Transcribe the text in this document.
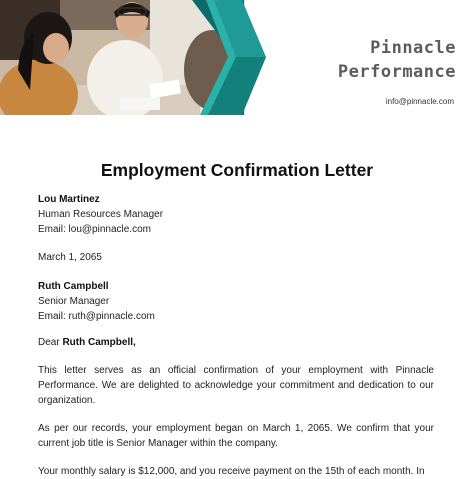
Pinnacle
Performance
info@pinnacle.com
Employment Confirmation Letter
Lou Martinez
Human Resources Manager
Email: lou@pinnacle.com
March 1, 2065
Ruth Campbell
Senior Manager
Email: ruth@pinnacle.com
Dear Ruth Campbell,
This letter serves as an official confirmation of your employment with Pinnacle Performance. We are delighted to acknowledge your commitment and dedication to our organization.
As per our records, your employment began on March 1, 2065. We confirm that your current job title is Senior Manager within the company.
Your monthly salary is $12,000, and you receive payment on the 15th of each month. In
